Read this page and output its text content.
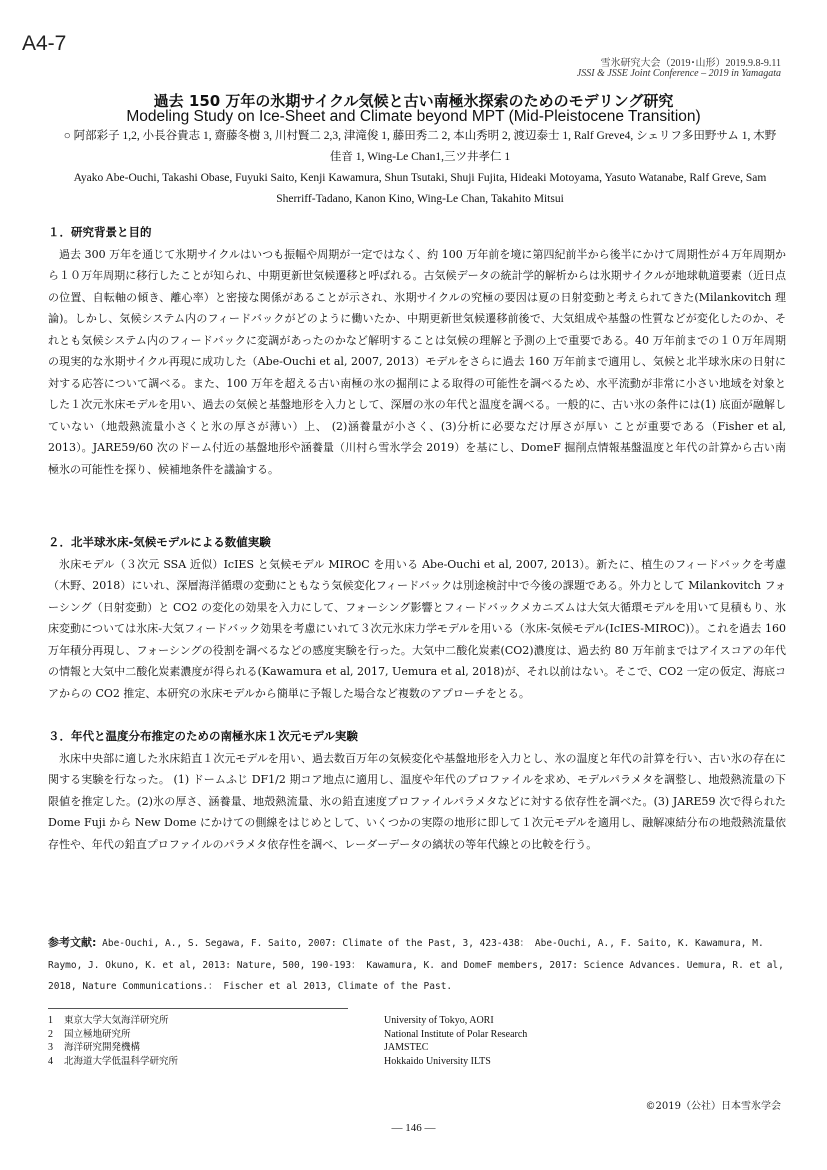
A4-7
雪氷研究大会（2019･山形）2019.9.8-9.11
JSSI & JSSE Joint Conference – 2019 in Yamagata
過去 150 万年の氷期サイクル気候と古い南極氷探索のためのモデリング研究
Modeling Study on Ice-Sheet and Climate beyond MPT (Mid-Pleistocene Transition)
○ 阿部彩子 1,2, 小長谷貴志 1, 齋藤冬樹 3, 川村賢二 2,3, 津滝俊 1, 藤田秀二 2, 本山秀明 2, 渡辺泰士 1, Ralf Greve4, シェリフ多田野サム 1, 木野佳音 1, Wing-Le Chan1,三ツ井孝仁 1
Ayako Abe-Ouchi, Takashi Obase, Fuyuki Saito, Kenji Kawamura, Shun Tsutaki, Shuji Fujita, Hideaki Motoyama, Yasuto Watanabe, Ralf Greve, Sam Sherriff-Tadano, Kanon Kino, Wing-Le Chan, Takahito Mitsui
１．研究背景と目的
過去 300 万年を通じて氷期サイクルはいつも振幅や周期が一定ではなく、約 100 万年前を境に第四紀前半から後半にかけて周期性が４万年周期から１０万年周期に移行したことが知られ、中期更新世気候遷移と呼ばれる。古気候データの統計学的解析からは氷期サイクルが地球軌道要素（近日点の位置、自転軸の傾き、離心率）と密接な関係があることが示され、氷期サイクルの究極の要因は夏の日射変動と考えられてきた(Milankovitch 理論)。しかし、気候システム内のフィードバックがどのように働いたか、中期更新世気候遷移前後で、大気組成や基盤の性質などが変化したのか、それとも気候システム内のフィードバックに変調があったのかなど解明することは気候の理解と予測の上で重要である。40 万年前までの１０万年周期の現実的な氷期サイクル再現に成功した（Abe-Ouchi et al, 2007, 2013）モデルをさらに過去 160 万年前まで適用し、気候と北半球氷床の日射に対する応答について調べる。また、100 万年を超える古い南極の氷の掘削による取得の可能性を調べるため、水平流動が非常に小さい地域を対象とした１次元氷床モデルを用い、過去の気候と基盤地形を入力として、深層の氷の年代と温度を調べる。一般的に、古い氷の条件には(1) 底面が融解していない（地殻熱流量小さくと氷の厚さが薄い）上、 (2)涵養量が小さく、(3)分析に必要なだけ厚さが厚い ことが重要である（Fisher et al, 2013）。JARE59/60 次のドーム付近の基盤地形や涵養量（川村ら雪氷学会 2019）を基にし、DomeF 掘削点情報基盤温度と年代の計算から古い南極氷の可能性を探り、候補地条件を議論する。
２．北半球氷床-気候モデルによる数値実験
氷床モデル（３次元 SSA 近似）IcIES と気候モデル MIROC を用いる Abe-Ouchi et al, 2007, 2013）。新たに、植生のフィードバックを考慮（木野、2018）にいれ、深層海洋循環の変動にともなう気候変化フィードバックは別途検討中で今後の課題である。外力として Milankovitch フォーシング（日射変動）と CO2 の変化の効果を入力にして、フォーシング影響とフィードバックメカニズムは大気大循環モデルを用いて見積もり、氷床変動については氷床-大気フィードバック効果を考慮にいれて３次元氷床力学モデルを用いる（氷床-気候モデル(IcIES-MIROC)）。これを過去 160 万年積分再現し、フォーシングの役割を調べるなどの感度実験を行った。大気中二酸化炭素(CO2)濃度は、過去約 80 万年前まではアイスコアの年代の情報と大気中二酸化炭素濃度が得られる(Kawamura et al, 2017, Uemura et al, 2018)が、それ以前はない。そこで、CO2 一定の仮定、海底コアからの CO2 推定、本研究の氷床モデルから簡単に予報した場合など複数のアプローチをとる。
３．年代と温度分布推定のための南極氷床１次元モデル実験
氷床中央部に適した氷床鉛直１次元モデルを用い、過去数百万年の気候変化や基盤地形を入力とし、氷の温度と年代の計算を行い、古い氷の存在に関する実験を行なった。 (1) ドームふじ DF1/2 期コア地点に適用し、温度や年代のプロファイルを求め、モデルパラメタを調整し、地殻熱流量の下限値を推定した。(2)氷の厚さ、涵養量、地殻熱流量、氷の鉛直速度プロファイルパラメタなどに対する依存性を調べた。(3) JARE59 次で得られた Dome Fuji から New Dome にかけての側線をはじめとして、いくつかの実際の地形に即して１次元モデルを適用し、融解凍結分布の地殻熱流量依存性や、年代の鉛直プロファイルのパラメタ依存性を調べ、レーダーデータの縞状の等年代線との比較を行う。
参考文献: Abe-Ouchi, A., S. Segawa, F. Saito, 2007: Climate of the Past, 3, 423-438： Abe-Ouchi, A., F. Saito, K. Kawamura, M. Raymo, J. Okuno, K. et al, 2013: Nature, 500, 190-193： Kawamura, K. and DomeF members, 2017: Science Advances. Uemura, R. et al, 2018, Nature Communications.： Fischer et al 2013, Climate of the Past.
1	東京大学大気海洋研究所	University of Tokyo, AORI
2	国立極地研究所	National Institute of Polar Research
3	海洋研究開発機構	JAMSTEC
4	北海道大学低温科学研究所	Hokkaido University ILTS
©2019（公社）日本雪氷学会
― 146 ―
